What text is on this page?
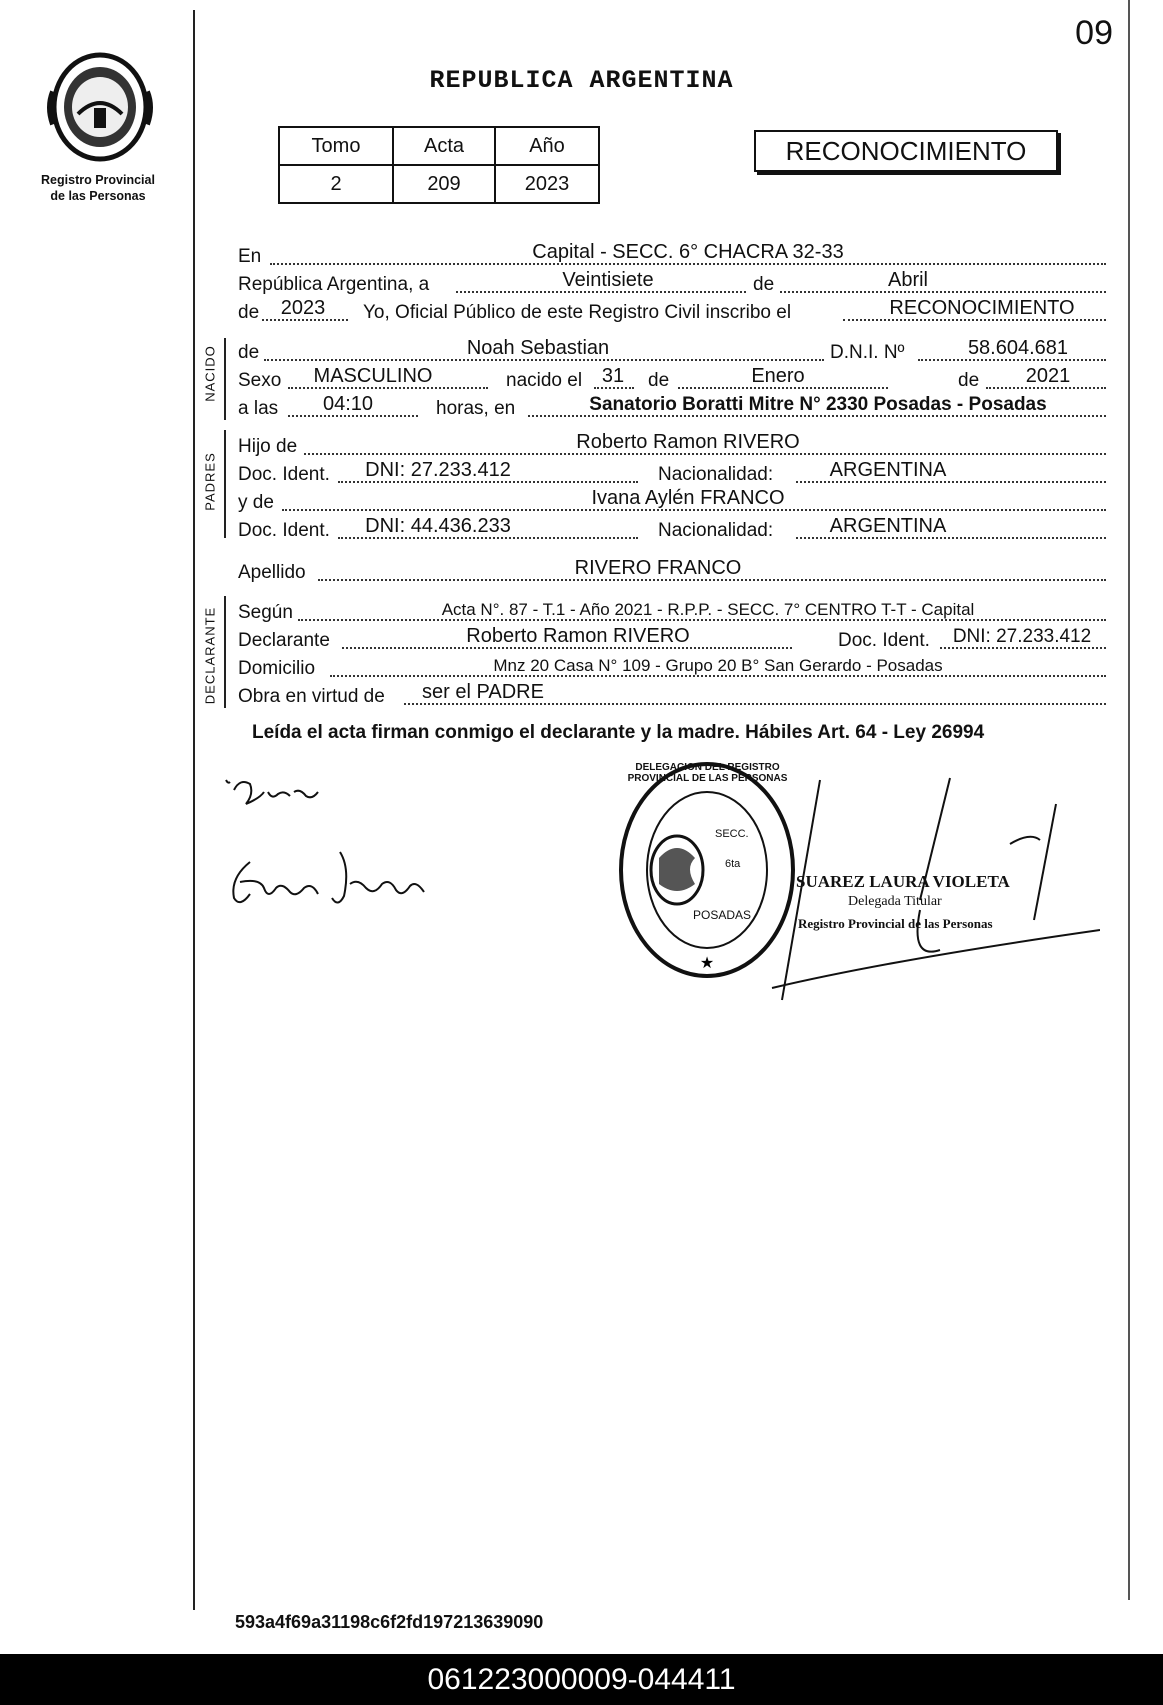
09
REPUBLICA ARGENTINA
Registro Provincial
de las Personas
Tomo	Acta	Año
2	209	2023
RECONOCIMIENTO
En	Capital - SECC. 6° CHACRA 32-33
República Argentina, a	Veintisiete	de	Abril
de	2023	Yo, Oficial Público de este Registro Civil inscribo el	RECONOCIMIENTO
NACIDO de	Noah Sebastian	D.N.I. Nº	58.604.681
Sexo	MASCULINO	nacido el 31 de	Enero	de	2021
a las 04:10	horas, en	Sanatorio Boratti Mitre N° 2330 Posadas - Posadas
PADRES
Hijo de	Roberto Ramon RIVERO
Doc. Ident.	DNI: 27.233.412	Nacionalidad:	ARGENTINA
y de	Ivana Aylén FRANCO
Doc. Ident.	DNI: 44.436.233	Nacionalidad:	ARGENTINA
Apellido	RIVERO FRANCO
DECLARANTE Según	Acta N°. 87 - T.1 - Año 2021 - R.P.P. - SECC. 7° CENTRO T-T - Capital
Declarante	Roberto Ramon RIVERO	Doc. Ident.	DNI: 27.233.412
Domicilio	Mnz 20 Casa N° 109 - Grupo 20 B° San Gerardo - Posadas
Obra en virtud de	ser el PADRE
Leída el acta firman conmigo el declarante y la madre. Hábiles Art. 64 - Ley 26994
★
DELEGACION DEL REGISTRO PROVINCIAL DE LAS PERSONAS
SECC.
6ta
POSADAS
SUAREZ LAURA VIOLETA
Delegada Titular
Registro Provincial de las Personas
593a4f69a31198c6f2fd197213639090
061223000009-044411
